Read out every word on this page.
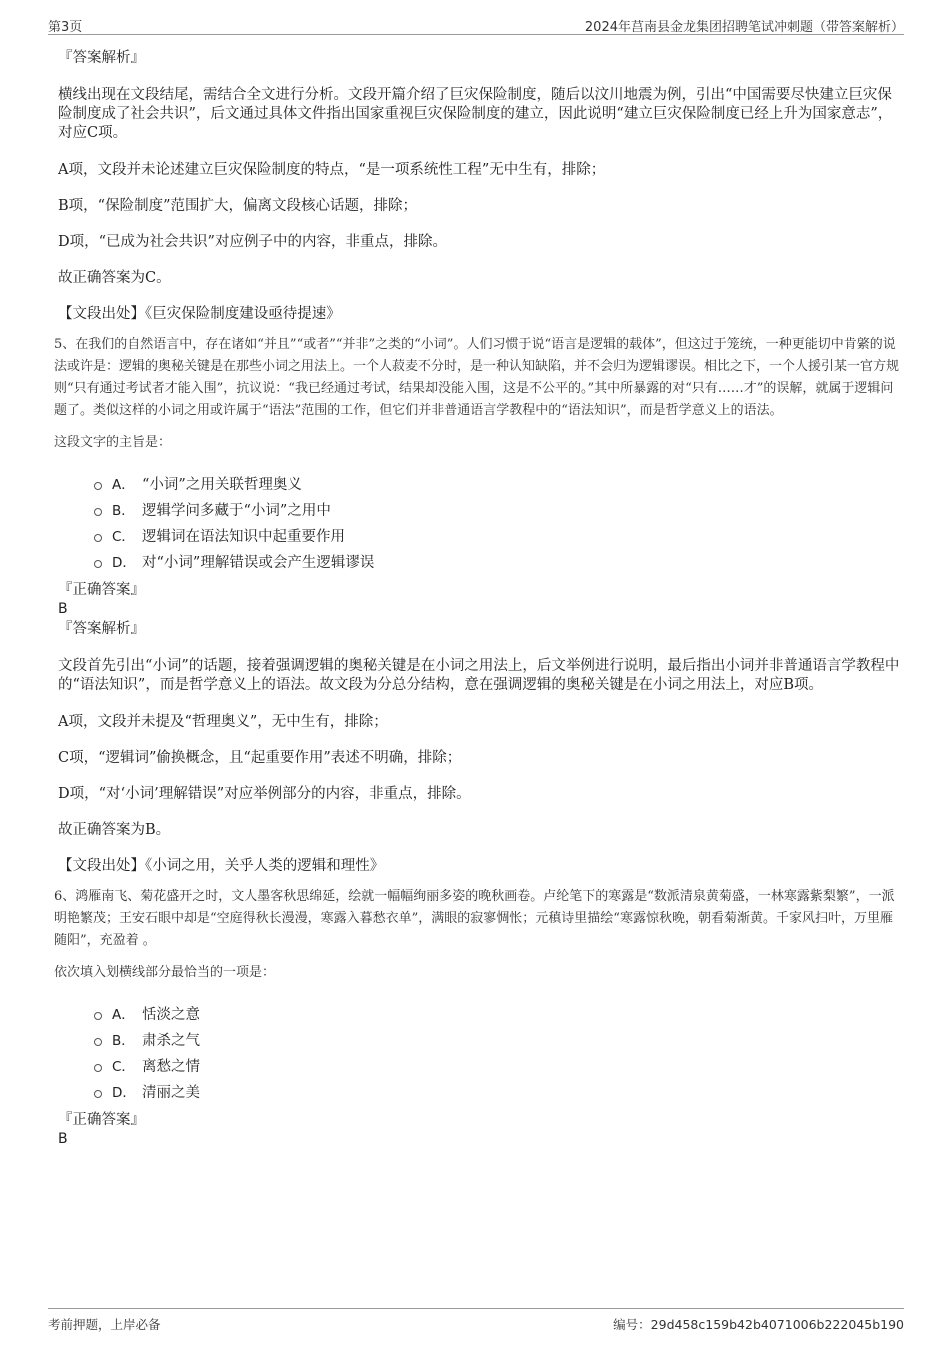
第3页	2024年莒南县金龙集团招聘笔试冲刺题（带答案解析）

『答案解析』

横线出现在文段结尾，需结合全文进行分析。文段开篇介绍了巨灾保险制度，随后以汶川地震为例，引出“中国需要尽快建立巨灾保险制度成了社会共识”，后文通过具体文件指出国家重视巨灾保险制度的建立，因此说明“建立巨灾保险制度已经上升为国家意志”，对应C项。

A项，文段并未论述建立巨灾保险制度的特点，“是一项系统性工程”无中生有，排除；

B项，“保险制度”范围扩大，偏离文段核心话题，排除；

D项，“已成为社会共识”对应例子中的内容，非重点，排除。

故正确答案为C。

【文段出处】《巨灾保险制度建设亟待提速》

5、在我们的自然语言中，存在诸如“并且”“或者”“并非”之类的“小词”。人们习惯于说“语言是逻辑的载体”，但这过于笼统，一种更能切中肯綮的说法或许是：逻辑的奥秘关键是在那些小词之用法上。一个人菽麦不分时，是一种认知缺陷，并不会归为逻辑谬误。相比之下，一个人援引某一官方规则“只有通过考试者才能入围”，抗议说：“我已经通过考试，结果却没能入围，这是不公平的。”其中所暴露的对“只有……才”的误解，就属于逻辑问题了。类似这样的小词之用或许属于“语法”范围的工作，但它们并非普通语言学教程中的“语法知识”，而是哲学意义上的语法。

这段文字的主旨是：

A． “小词”之用关联哲理奥义
B． 逻辑学问多藏于“小词”之用中
C． 逻辑词在语法知识中起重要作用
D． 对“小词”理解错误或会产生逻辑谬误

『正确答案』

B

『答案解析』

文段首先引出“小词”的话题，接着强调逻辑的奥秘关键是在小词之用法上，后文举例进行说明，最后指出小词并非普通语言学教程中的“语法知识”，而是哲学意义上的语法。故文段为分总分结构，意在强调逻辑的奥秘关键是在小词之用法上，对应B项。

A项，文段并未提及“哲理奥义”，无中生有，排除；

C项，“逻辑词”偷换概念，且“起重要作用”表述不明确，排除；

D项，“对‘小词’理解错误”对应举例部分的内容，非重点，排除。

故正确答案为B。

【文段出处】《小词之用，关乎人类的逻辑和理性》

6、鸿雁南飞、菊花盛开之时，文人墨客秋思绵延，绘就一幅幅绚丽多姿的晚秋画卷。卢纶笔下的寒露是“数派清泉黄菊盛，一林寒露紫梨繁”，一派明艳繁茂；王安石眼中却是“空庭得秋长漫漫，寒露入暮愁衣单”，满眼的寂寥惆怅；元稹诗里描绘“寒露惊秋晚，朝看菊渐黄。千家风扫叶，万里雁随阳”，充盈着 。

依次填入划横线部分最恰当的一项是：

A． 恬淡之意
B． 肃杀之气
C． 离愁之情
D． 清丽之美

『正确答案』

B

考前押题，上岸必备	编号：29d458c159b42b4071006b222045b190
